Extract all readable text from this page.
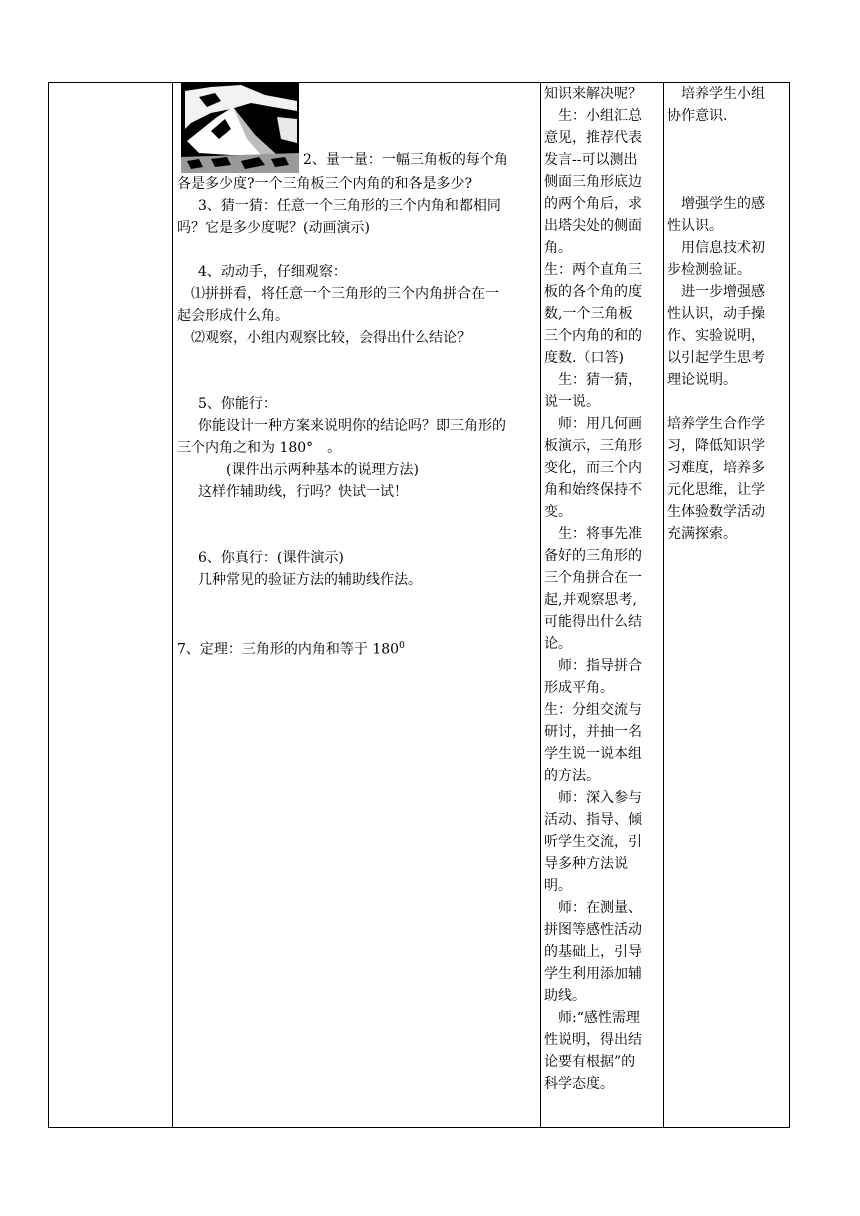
2、量一量：一幅三角板的每个角

各是多少度?一个三角板三个内角的和各是多少?

3、猜一猜：任意一个三角形的三个内角和都相同

吗？它是多少度呢？(动画演示)

4、动动手，仔细观察：

⑴拼拼看，将任意一个三角形的三个内角拼合在一

起会形成什么角。

⑵观察，小组内观察比较，会得出什么结论？

5、你能行：

你能设计一种方案来说明你的结论吗？即三角形的

三个内角之和为 180°　。

(课件出示两种基本的说理方法)

这样作辅助线，行吗？快试一试！

6、你真行：(课件演示)

几种常见的验证方法的辅助线作法。

7、定理：三角形的内角和等于 $180^0$

知识来解决呢？
　生：小组汇总
意见，推荐代表
发言--可以测出
侧面三角形底边
的两个角后，求
出塔尖处的侧面
角。
生：两个直角三
板的各个角的度
数,一个三角板
三个内角的和的
度数.（口答)
　生：猜一猜，
说一说。
　师：用几何画
板演示，三角形
变化，而三个内
角和始终保持不
变。
　生：将事先准
备好的三角形的
三个角拼合在一
起,并观察思考,
可能得出什么结
论。
　师：指导拼合
形成平角。
生：分组交流与
研讨，并抽一名
学生说一说本组
的方法。
　师：深入参与
活动、指导、倾
听学生交流，引
导多种方法说
明。
　师：在测量、
拼图等感性活动
的基础上，引导
学生利用添加辅
助线。
　师:“感性需理
性说明，得出结
论要有根据”的
科学态度。

　培养学生小组

协作意识.

　增强学生的感

性认识。

　用信息技术初

步检测验证。

　进一步增强感

性认识，动手操

作、实验说明，

以引起学生思考

理论说明。

培养学生合作学

习，降低知识学

习难度，培养多

元化思维，让学

生体验数学活动

充满探索。
